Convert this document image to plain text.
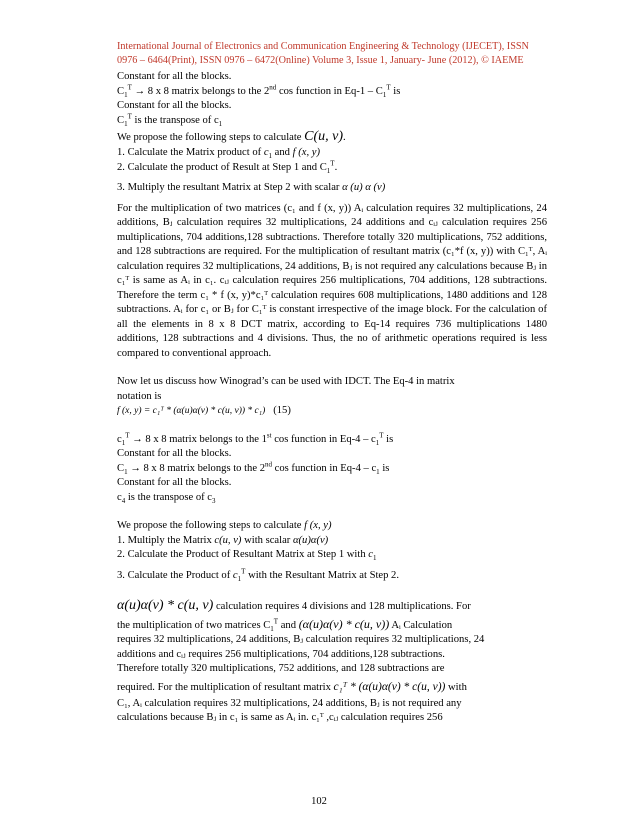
International Journal of Electronics and Communication Engineering & Technology (IJECET), ISSN
0976 – 6464(Print), ISSN 0976 – 6472(Online) Volume 3, Issue 1, January- June (2012), © IAEME
Constant for all the blocks.
$C_1^T \to 8$ x 8 matrix belongs to the 2nd cos function in $Eq-1 - C_1^T$ is
Constant for all the blocks.
$C_1^T$ is the transpose of $c_1$
We propose the following steps to calculate C(u, v).
1. Calculate the Matrix product of $c_1$ and f (x, y)
2. Calculate the product of Result at Step 1 and $C_1^T$.
3. Multiply the resultant Matrix at Step 2 with scalar α (u) α (v)

For the multiplication of two matrices (c₁ and f (x, y)) Aᵢ calculation requires 32 multiplications, 24 additions, Bⱼ calculation requires 32 multiplications, 24 additions and cᵢⱼ calculation requires 256 multiplications, 704 additions,128 subtractions. Therefore totally 320 multiplications, 752 additions, and 128 subtractions are required. For the multiplication of resultant matrix (c₁*f (x, y)) with C₁ᵀ, Aᵢ calculation requires 32 multiplications, 24 additions, Bⱼ is not required any calculations because Bⱼ in c₁ᵀ is same as Aᵢ in c₁. cᵢⱼ calculation requires 256 multiplications, 704 additions, 128 subtractions. Therefore the term c₁ * f (x, y)*c₁ᵀ calculation requires 608 multiplications, 1480 additions and 128 subtractions. Aᵢ for c₁ or Bⱼ for C₁ᵀ is constant irrespective of the image block. For the calculation of all the elements in 8 x 8 DCT matrix, according to Eq-14 requires 736 multiplications 1480 additions, 128 subtractions and 4 divisions. Thus, the no of arithmetic operations required is less compared to conventional approach.

Now let us discuss how Winograd’s can be used with IDCT. The Eq-4 in matrix
notation is
f (x, y) = c₁ᵀ * (α(u)α(v) * c(u, v)) * c₁) (15)
$c_1^T \to 8$ x 8 matrix belongs to the 1st cos function in $Eq-4 - c_1^T$ is
Constant for all the blocks.
$C_1 \to 8$ x 8 matrix belongs to the 2nd cos function in $Eq-4 - c_1$ is
Constant for all the blocks.
$c_4$ is the transpose of $c_3$
We propose the following steps to calculate f (x, y)
1. Multiply the Matrix c(u, v) with scalar α(u)α(v)
2. Calculate the Product of Resultant Matrix at Step 1 with $c_1$
3. Calculate the Product of $c_1^T$ with the Resultant Matrix at Step 2.
α(u)α(v) * c(u, v) calculation requires 4 divisions and 128 multiplications. For
the multiplication of two matrices $C_1^T$ and (α(u)α(v) * c(u, v)) Aᵢ Calculation
requires 32 multiplications, 24 additions, Bⱼ calculation requires 32 multiplications, 24
additions and cᵢⱼ requires 256 multiplications, 704 additions,128 subtractions.
Therefore totally 320 multiplications, 752 additions, and 128 subtractions are
required. For the multiplication of resultant matrix c₁ᵀ * (α(u)α(v) * c(u, v)) with
C₁, Aᵢ calculation requires 32 multiplications, 24 additions, Bⱼ is not required any
calculations because Bⱼ in c₁ is same as Aᵢ in. c₁ᵀ ,cᵢⱼ calculation requires 256
102
